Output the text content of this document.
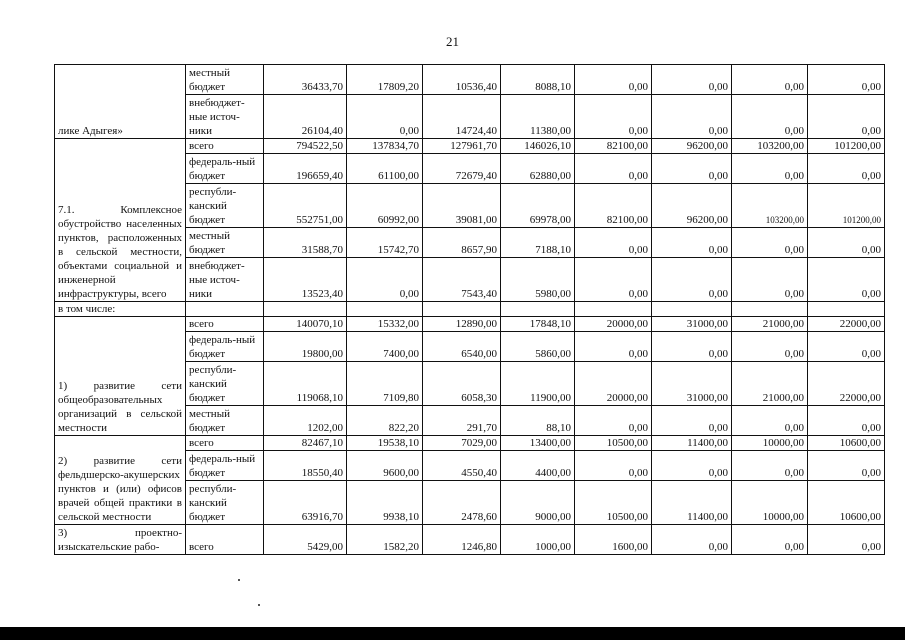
21
лике Адыгея»	местный бюджет	36433,70	17809,20	10536,40	8088,10	0,00	0,00	0,00	0,00
	внебюджет-ные источ-ники	26104,40	0,00	14724,40	11380,00	0,00	0,00	0,00	0,00
7.1. Комплексное обустройство населенных пунктов, расположенных в сельской местности, объектами социальной и инженерной инфраструктуры, всего	всего	794522,50	137834,70	127961,70	146026,10	82100,00	96200,00	103200,00	101200,00
	федераль-ный бюджет	196659,40	61100,00	72679,40	62880,00	0,00	0,00	0,00	0,00
	республи-канский бюджет	552751,00	60992,00	39081,00	69978,00	82100,00	96200,00	103200,00	101200,00
	местный бюджет	31588,70	15742,70	8657,90	7188,10	0,00	0,00	0,00	0,00
	внебюджет-ные источ-ники	13523,40	0,00	7543,40	5980,00	0,00	0,00	0,00	0,00
в том числе:									
1) развитие сети общеобразовательных организаций в сельской местности	всего	140070,10	15332,00	12890,00	17848,10	20000,00	31000,00	21000,00	22000,00
	федераль-ный бюджет	19800,00	7400,00	6540,00	5860,00	0,00	0,00	0,00	0,00
	республи-канский бюджет	119068,10	7109,80	6058,30	11900,00	20000,00	31000,00	21000,00	22000,00
	местный бюджет	1202,00	822,20	291,70	88,10	0,00	0,00	0,00	0,00
2) развитие сети фельдшерско-акушерских пунктов и (или) офисов врачей общей практики в сельской местности	всего	82467,10	19538,10	7029,00	13400,00	10500,00	11400,00	10000,00	10600,00
	федераль-ный бюджет	18550,40	9600,00	4550,40	4400,00	0,00	0,00	0,00	0,00
	республи-канский бюджет	63916,70	9938,10	2478,60	9000,00	10500,00	11400,00	10000,00	10600,00
3) проектно-изыскательские рабо-	всего	5429,00	1582,20	1246,80	1000,00	1600,00	0,00	0,00	0,00
